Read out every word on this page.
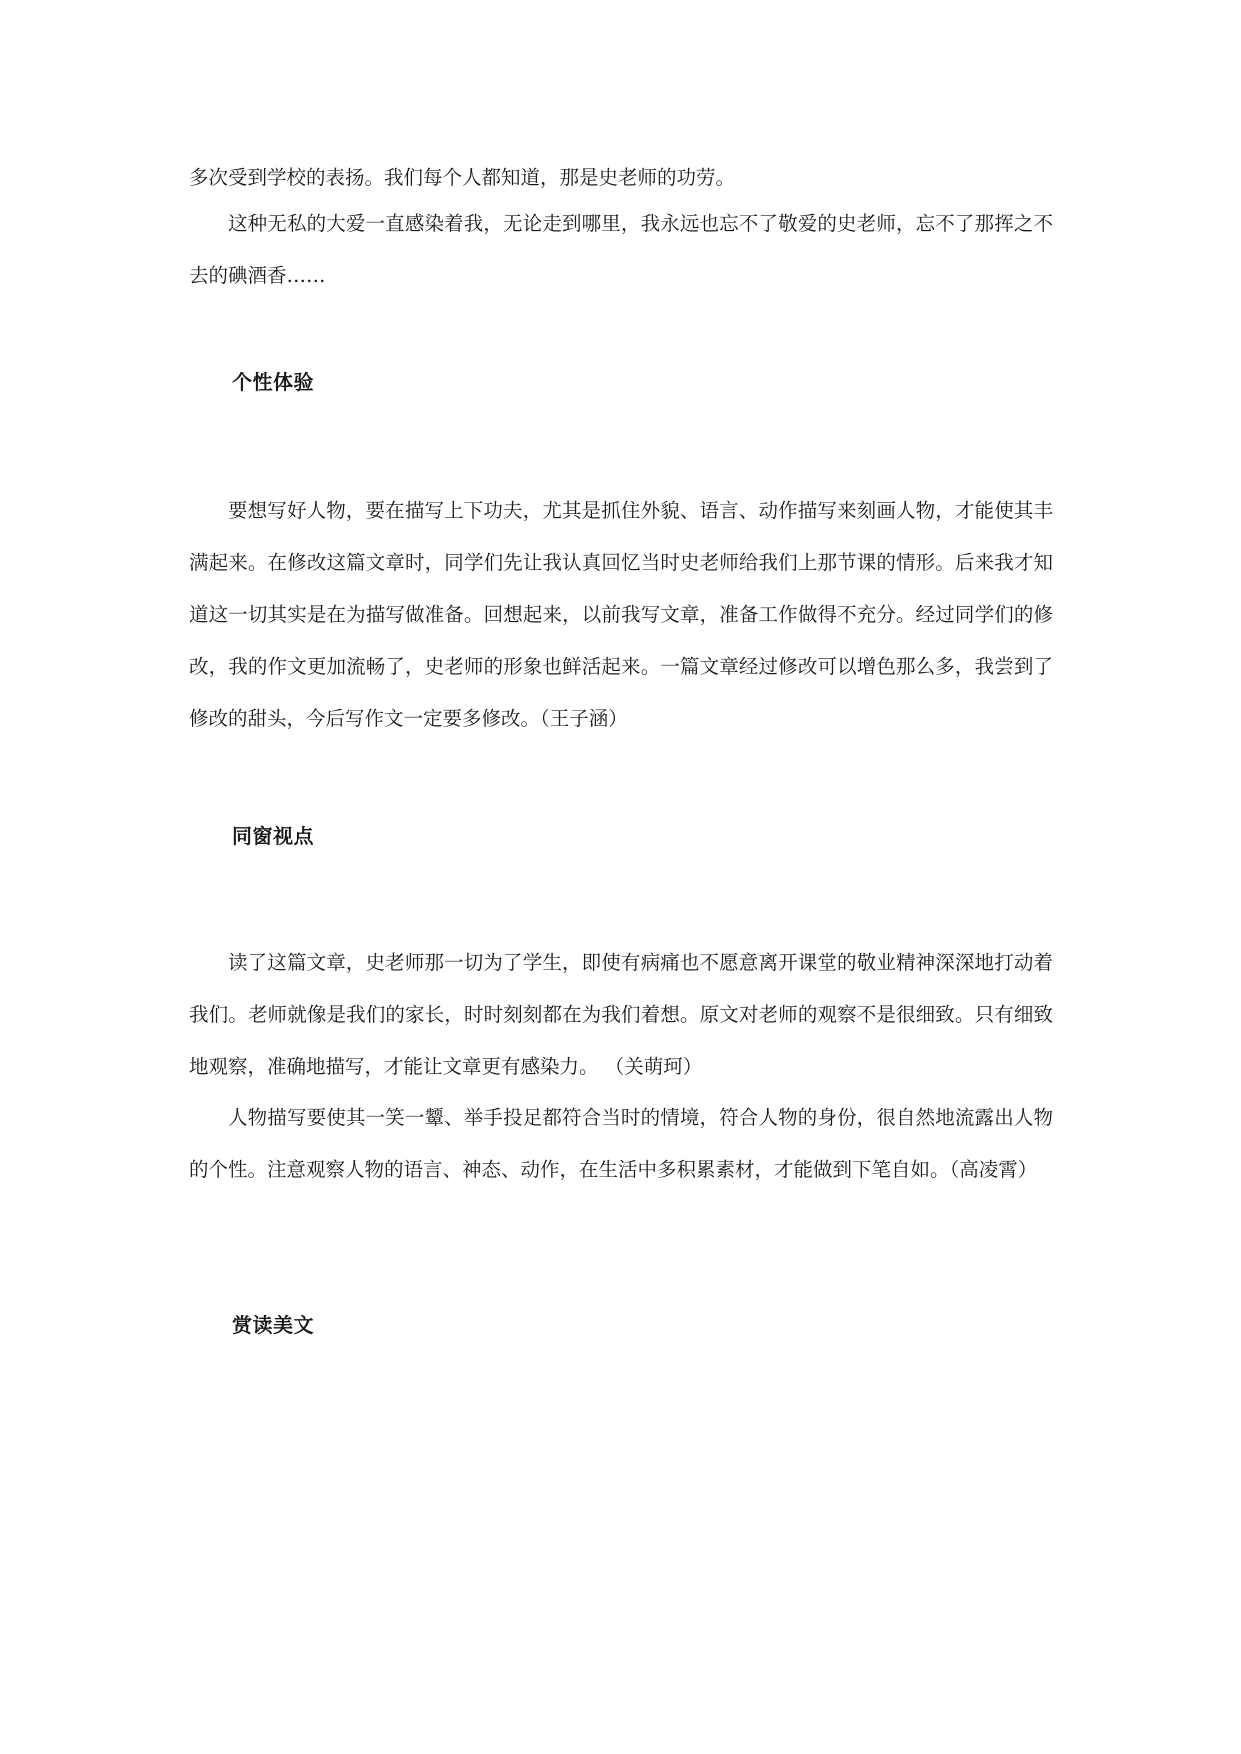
多次受到学校的表扬。我们每个人都知道，那是史老师的功劳。

这种无私的大爱一直感染着我，无论走到哪里，我永远也忘不了敬爱的史老师，忘不了那挥之不去的碘酒香……

个性体验

要想写好人物，要在描写上下功夫，尤其是抓住外貌、语言、动作描写来刻画人物，才能使其丰满起来。在修改这篇文章时，同学们先让我认真回忆当时史老师给我们上那节课的情形。后来我才知道这一切其实是在为描写做准备。回想起来，以前我写文章，准备工作做得不充分。经过同学们的修改，我的作文更加流畅了，史老师的形象也鲜活起来。一篇文章经过修改可以增色那么多，我尝到了修改的甜头，今后写作文一定要多修改。（王子涵）

同窗视点

读了这篇文章，史老师那一切为了学生，即使有病痛也不愿意离开课堂的敬业精神深深地打动着我们。老师就像是我们的家长，时时刻刻都在为我们着想。原文对老师的观察不是很细致。只有细致地观察，准确地描写，才能让文章更有感染力。 （关萌珂）

人物描写要使其一笑一颦、举手投足都符合当时的情境，符合人物的身份，很自然地流露出人物的个性。注意观察人物的语言、神态、动作，在生活中多积累素材，才能做到下笔自如。（高凌霄）

赏读美文
